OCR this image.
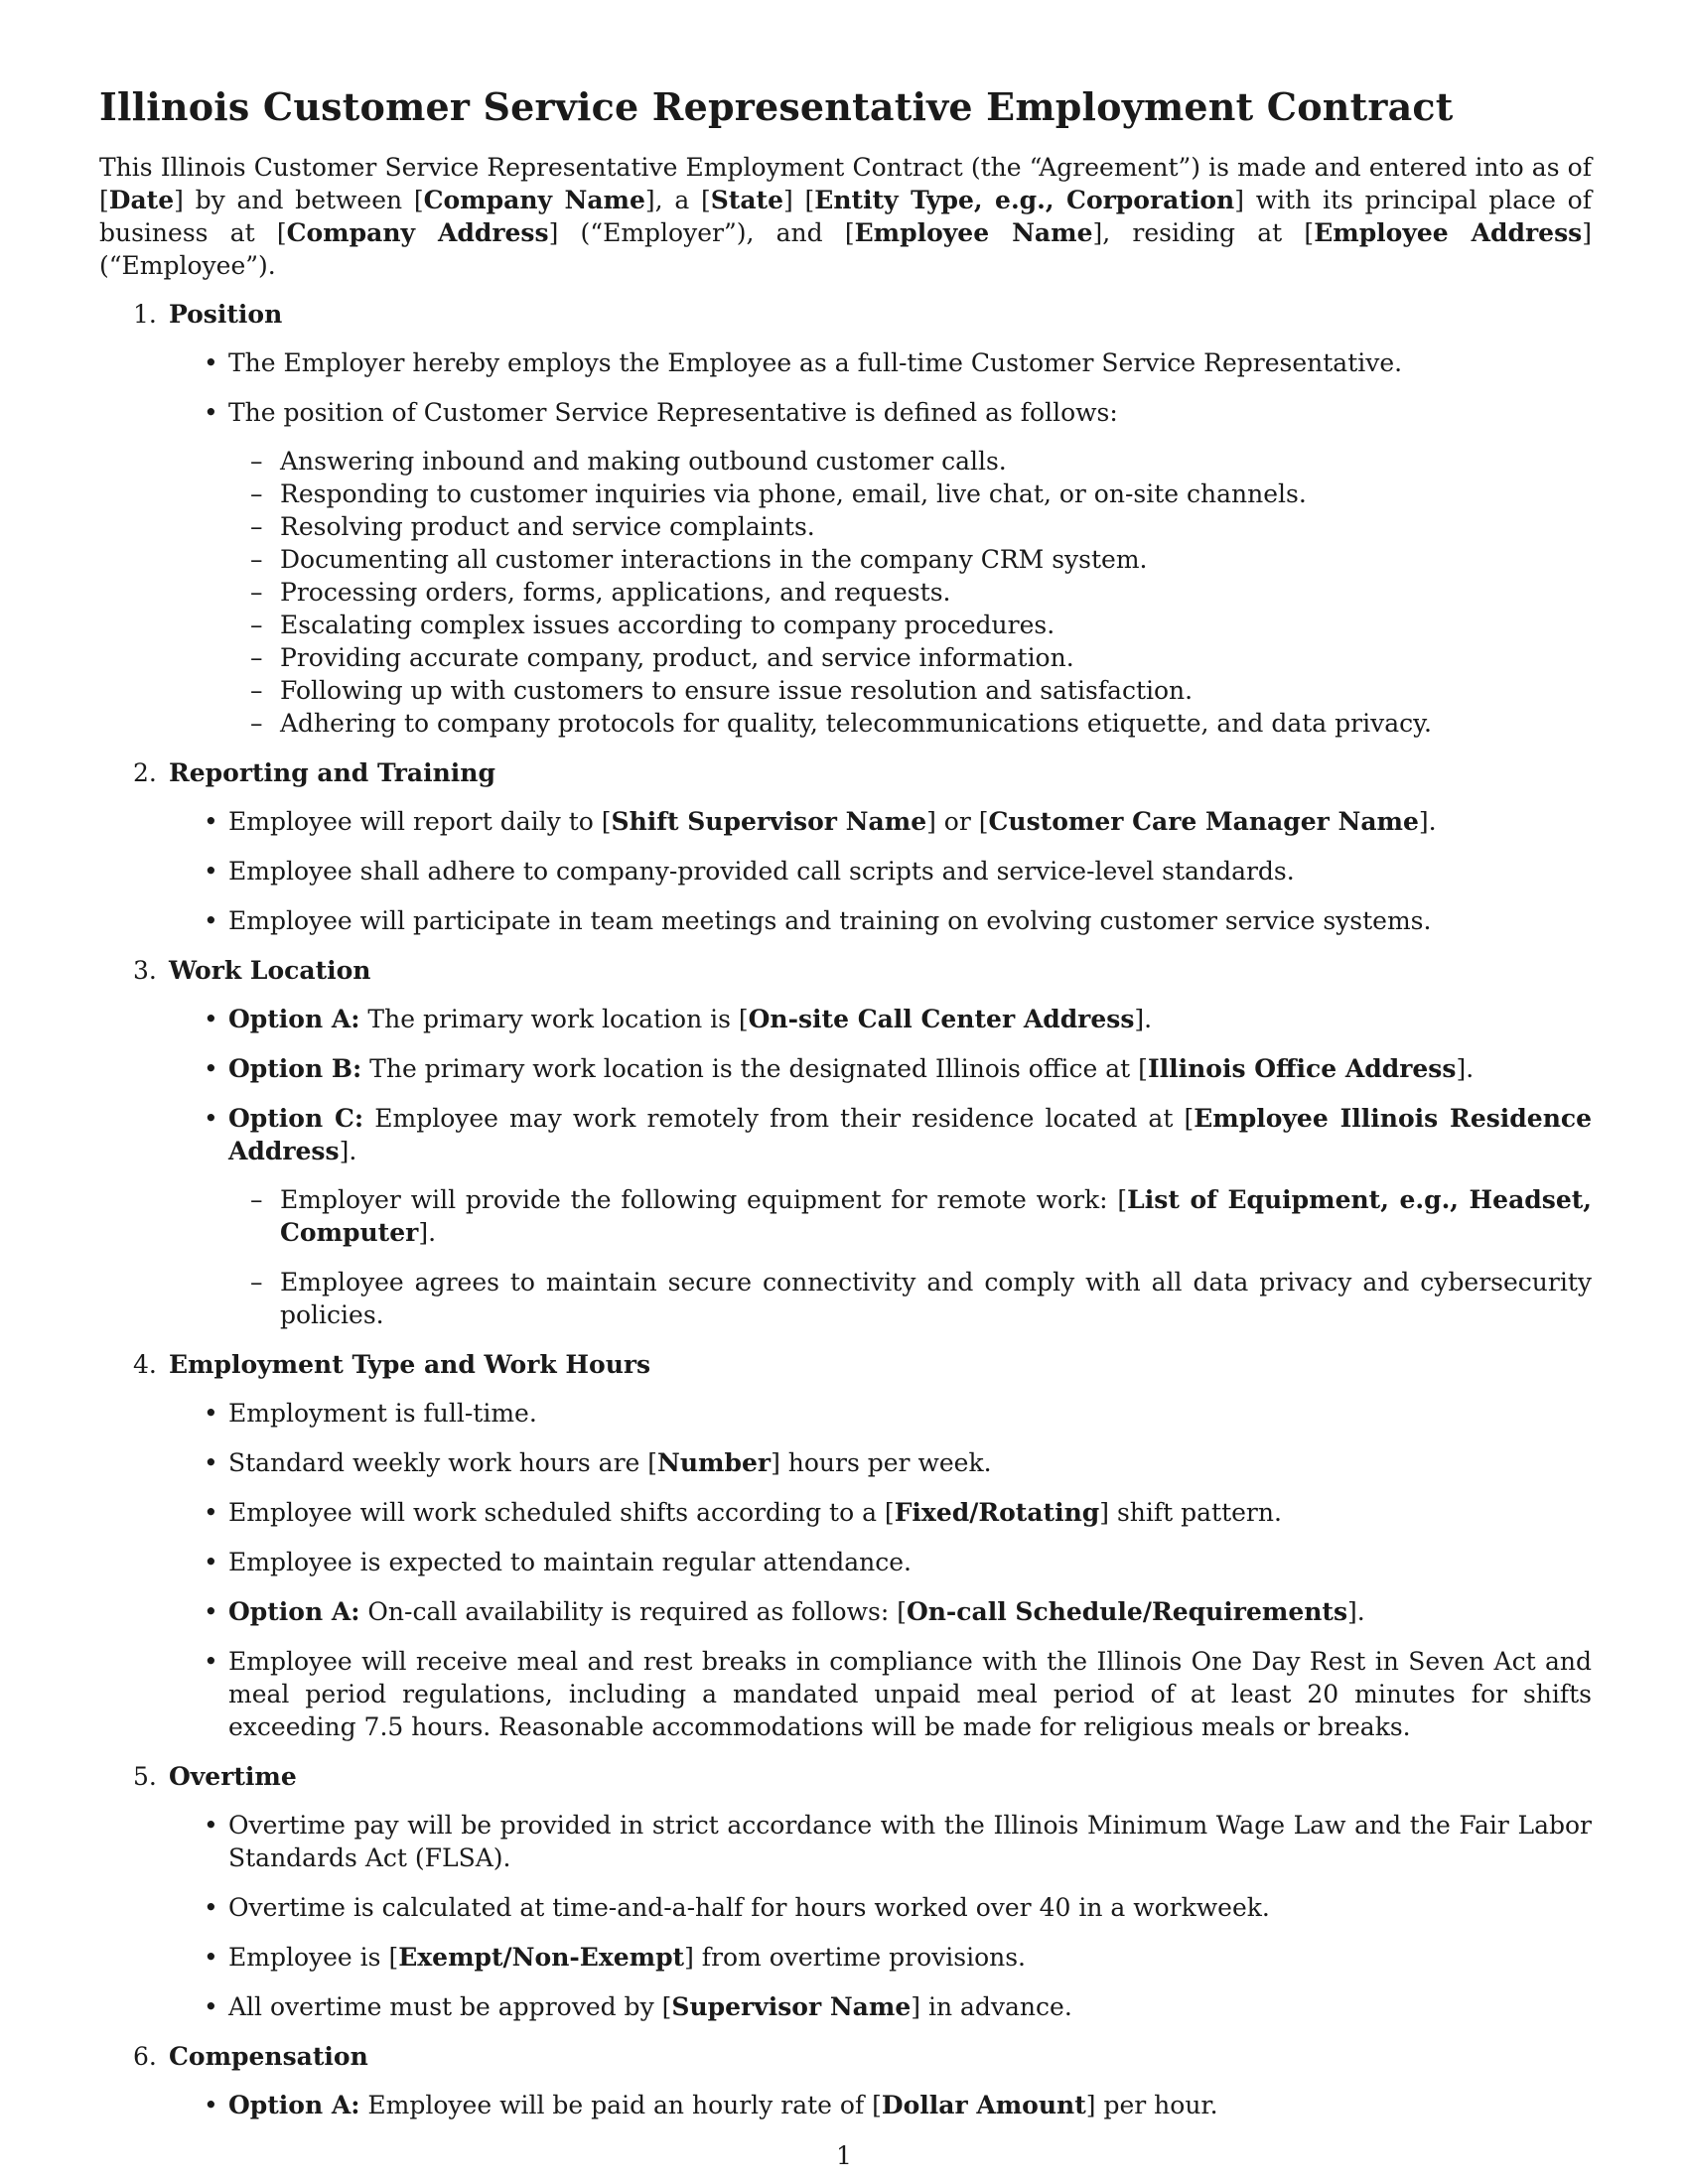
Illinois Customer Service Representative Employment Contract

This Illinois Customer Service Representative Employment Contract (the “Agreement”) is made and entered into as of [Date] by and between [Company Name], a [State] [Entity Type, e.g., Corporation] with its principal place of business at [Company Address] (“Employer”), and [Employee Name], residing at [Employee Address] (“Employee”).

1. Position
• The Employer hereby employs the Employee as a full-time Customer Service Representative.
• The position of Customer Service Representative is defined as follows:
– Answering inbound and making outbound customer calls.
– Responding to customer inquiries via phone, email, live chat, or on-site channels.
– Resolving product and service complaints.
– Documenting all customer interactions in the company CRM system.
– Processing orders, forms, applications, and requests.
– Escalating complex issues according to company procedures.
– Providing accurate company, product, and service information.
– Following up with customers to ensure issue resolution and satisfaction.
– Adhering to company protocols for quality, telecommunications etiquette, and data privacy.
2. Reporting and Training
• Employee will report daily to [Shift Supervisor Name] or [Customer Care Manager Name].
• Employee shall adhere to company-provided call scripts and service-level standards.
• Employee will participate in team meetings and training on evolving customer service systems.
3. Work Location
• Option A: The primary work location is [On-site Call Center Address].
• Option B: The primary work location is the designated Illinois office at [Illinois Office Address].
• Option C: Employee may work remotely from their residence located at [Employee Illinois Residence Address].
– Employer will provide the following equipment for remote work: [List of Equipment, e.g., Headset, Computer].
– Employee agrees to maintain secure connectivity and comply with all data privacy and cybersecurity policies.
4. Employment Type and Work Hours
• Employment is full-time.
• Standard weekly work hours are [Number] hours per week.
• Employee will work scheduled shifts according to a [Fixed/Rotating] shift pattern.
• Employee is expected to maintain regular attendance.
• Option A: On-call availability is required as follows: [On-call Schedule/Requirements].
• Employee will receive meal and rest breaks in compliance with the Illinois One Day Rest in Seven Act and meal period regulations, including a mandated unpaid meal period of at least 20 minutes for shifts exceeding 7.5 hours. Reasonable accommodations will be made for religious meals or breaks.
5. Overtime
• Overtime pay will be provided in strict accordance with the Illinois Minimum Wage Law and the Fair Labor Standards Act (FLSA).
• Overtime is calculated at time-and-a-half for hours worked over 40 in a workweek.
• Employee is [Exempt/Non-Exempt] from overtime provisions.
• All overtime must be approved by [Supervisor Name] in advance.
6. Compensation
• Option A: Employee will be paid an hourly rate of [Dollar Amount] per hour.
1
